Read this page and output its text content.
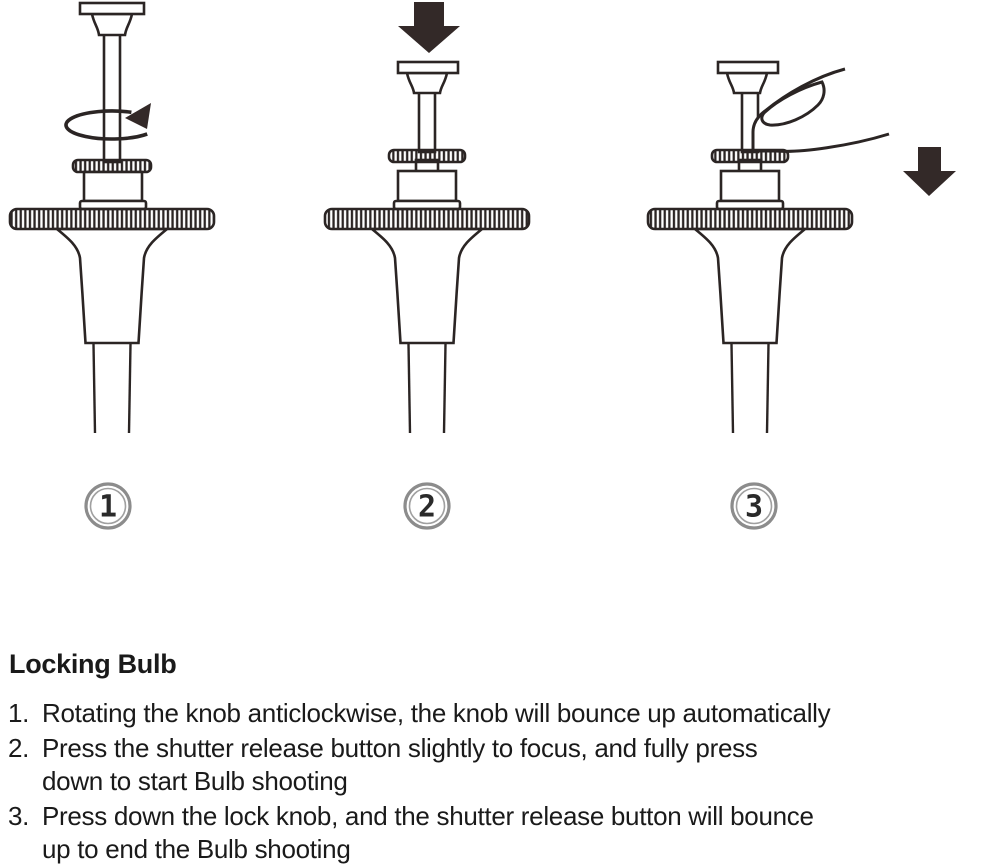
1	2	3
Locking Bulb
1. Rotating the knob anticlockwise, the knob will bounce up automatically
2. Press the shutter release button slightly to focus, and fully press
down to start Bulb shooting
3. Press down the lock knob, and the shutter release button will bounce
up to end the Bulb shooting
